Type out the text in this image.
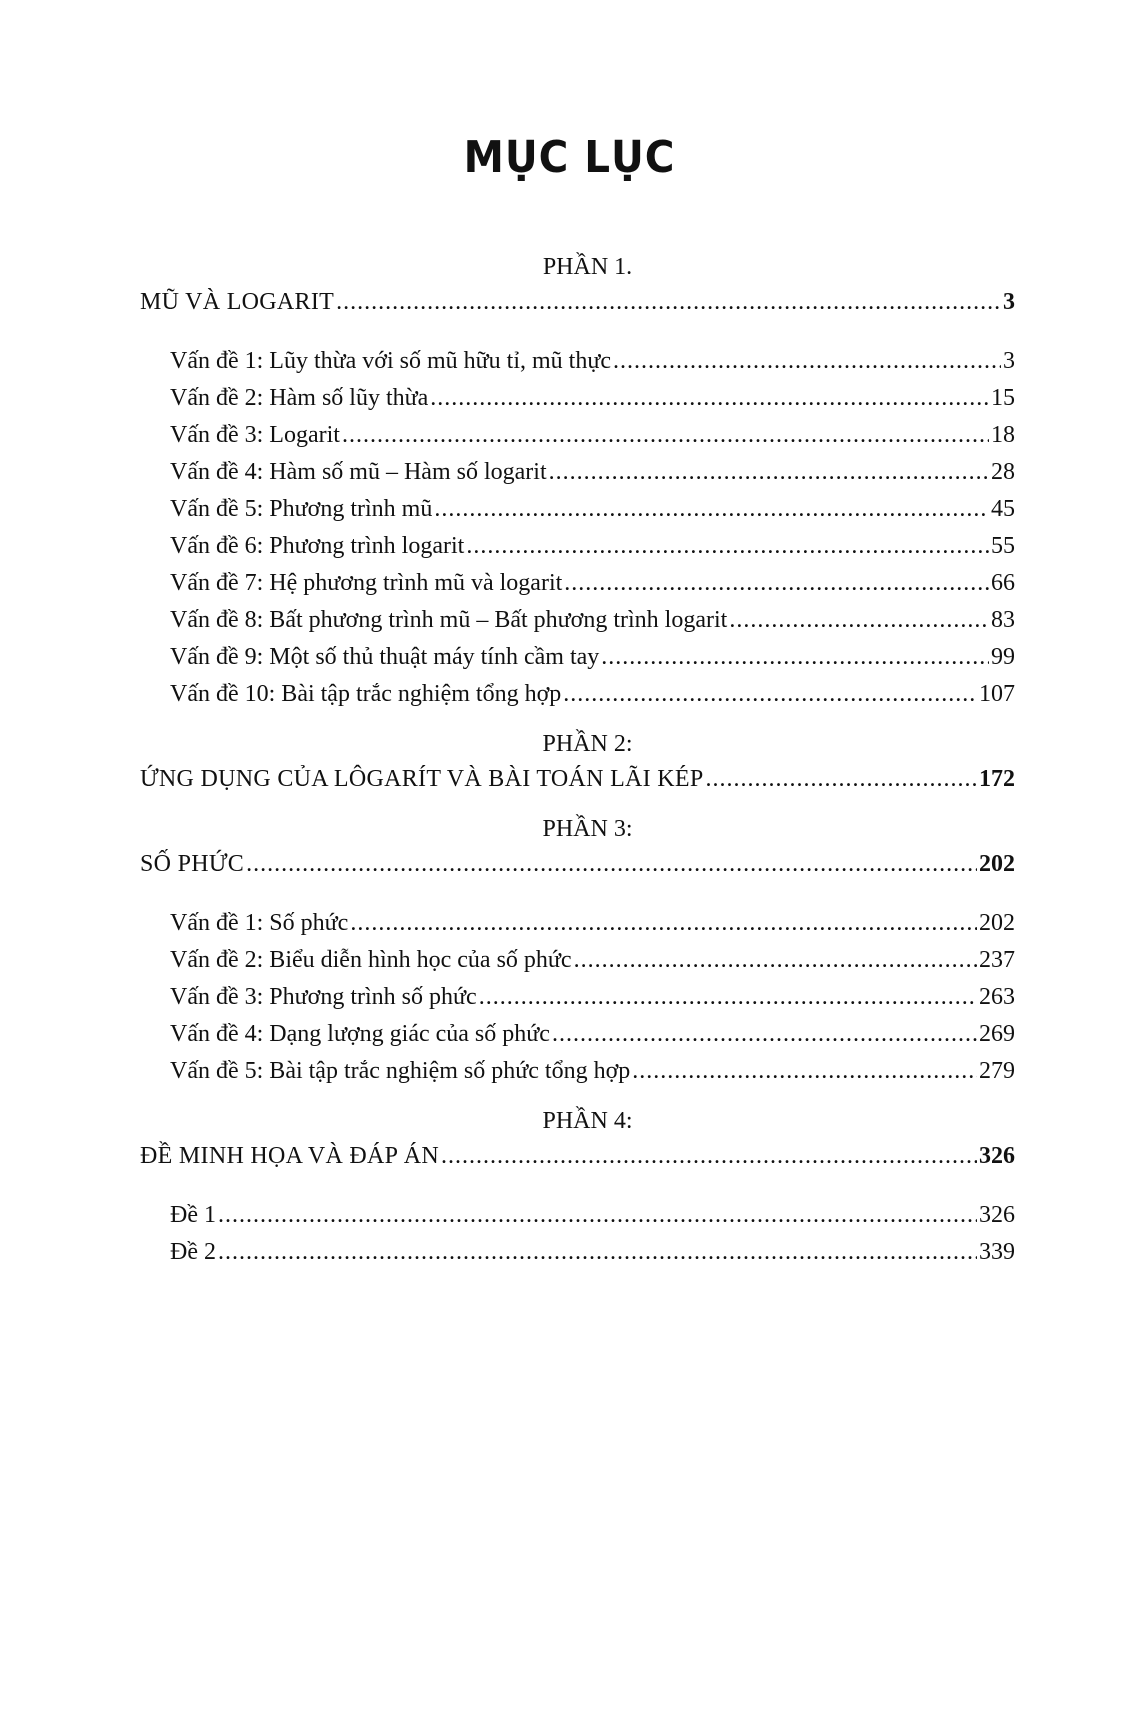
MỤC LỤC
PHẦN 1.
MŨ VÀ LOGARIT .....	3
Vấn đề 1: Lũy thừa với số mũ hữu tỉ, mũ thực .....	3
Vấn đề 2: Hàm số lũy thừa .....	15
Vấn đề 3: Logarit .....	18
Vấn đề 4: Hàm số mũ – Hàm số logarit .....	28
Vấn đề 5: Phương trình mũ .....	45
Vấn đề 6: Phương trình logarit .....	55
Vấn đề 7: Hệ phương trình mũ và logarit .....	66
Vấn đề 8: Bất phương trình mũ – Bất phương trình logarit .....	83
Vấn đề 9: Một số thủ thuật máy tính cầm tay .....	99
Vấn đề 10: Bài tập trắc nghiệm tổng hợp .....	107
PHẦN 2:
ỨNG DỤNG CỦA LÔGARÍT VÀ BÀI TOÁN LÃI KÉP .....	172
PHẦN 3:
SỐ PHỨC .....	202
Vấn đề 1: Số phức .....	202
Vấn đề 2: Biểu diễn hình học của số phức .....	237
Vấn đề 3: Phương trình số phức .....	263
Vấn đề 4: Dạng lượng giác của số phức .....	269
Vấn đề 5: Bài tập trắc nghiệm số phức tổng hợp .....	279
PHẦN 4:
ĐỀ MINH HỌA VÀ ĐÁP ÁN .....	326
Đề 1 .....	326
Đề 2 .....	339
